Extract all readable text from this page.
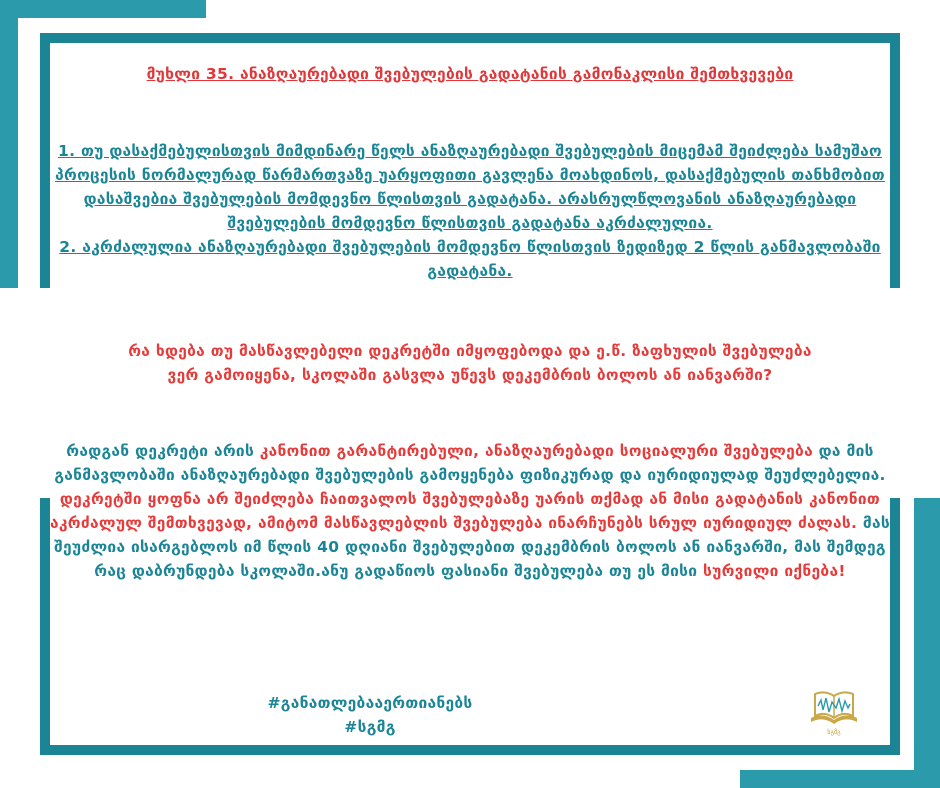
მუხლი 35. ანაზღაურებადი შვებულების გადატანის გამონაკლისი შემთხვევები
1. თუ დასაქმებულისთვის მიმდინარე წელს ანაზღაურებადი შვებულების მიცემამ შეიძლება სამუშაო პროცესის ნორმალურად წარმართვაზე უარყოფითი გავლენა მოახდინოს, დასაქმებულის თანხმობით დასაშვებია შვებულების მომდევნო წლისთვის გადატანა. არასრულწლოვანის ანაზღაურებადი შვებულების მომდევნო წლისთვის გადატანა აკრძალულია.
2. აკრძალულია ანაზღაურებადი შვებულების მომდევნო წლისთვის ზედიზედ 2 წლის განმავლობაში გადატანა.
რა ხდება თუ მასწავლებელი დეკრეტში იმყოფებოდა და ე.წ. ზაფხულის შვებულება ვერ გამოიყენა, სკოლაში გასვლა უწევს დეკემბრის ბოლოს ან იანვარში?
რადგან დეკრეტი არის კანონით გარანტირებული, ანაზღაურებადი სოციალური შვებულება და მის განმავლობაში ანაზღაურებადი შვებულების გამოყენება ფიზიკურად და იურიდიულად შეუძლებელია. დეკრეტში ყოფნა არ შეიძლება ჩაითვალოს შვებულებაზე უარის თქმად ან მისი გადატანის კანონით აკრძალულ შემთხვევად, ამიტომ მასწავლებლის შვებულება ინარჩუნებს სრულ იურიდიულ ძალას. მას შეუძლია ისარგებლოს იმ წლის 40 დღიანი შვებულებით დეკემბრის ბოლოს ან იანვარში, მას შემდეგ რაც დაბრუნდება სკოლაში.ანუ გადაწიოს ფასიანი შვებულება თუ ეს მისი სურვილი იქნება!
#განათლებააერთიანებს
#სგმგ	სგმგ
